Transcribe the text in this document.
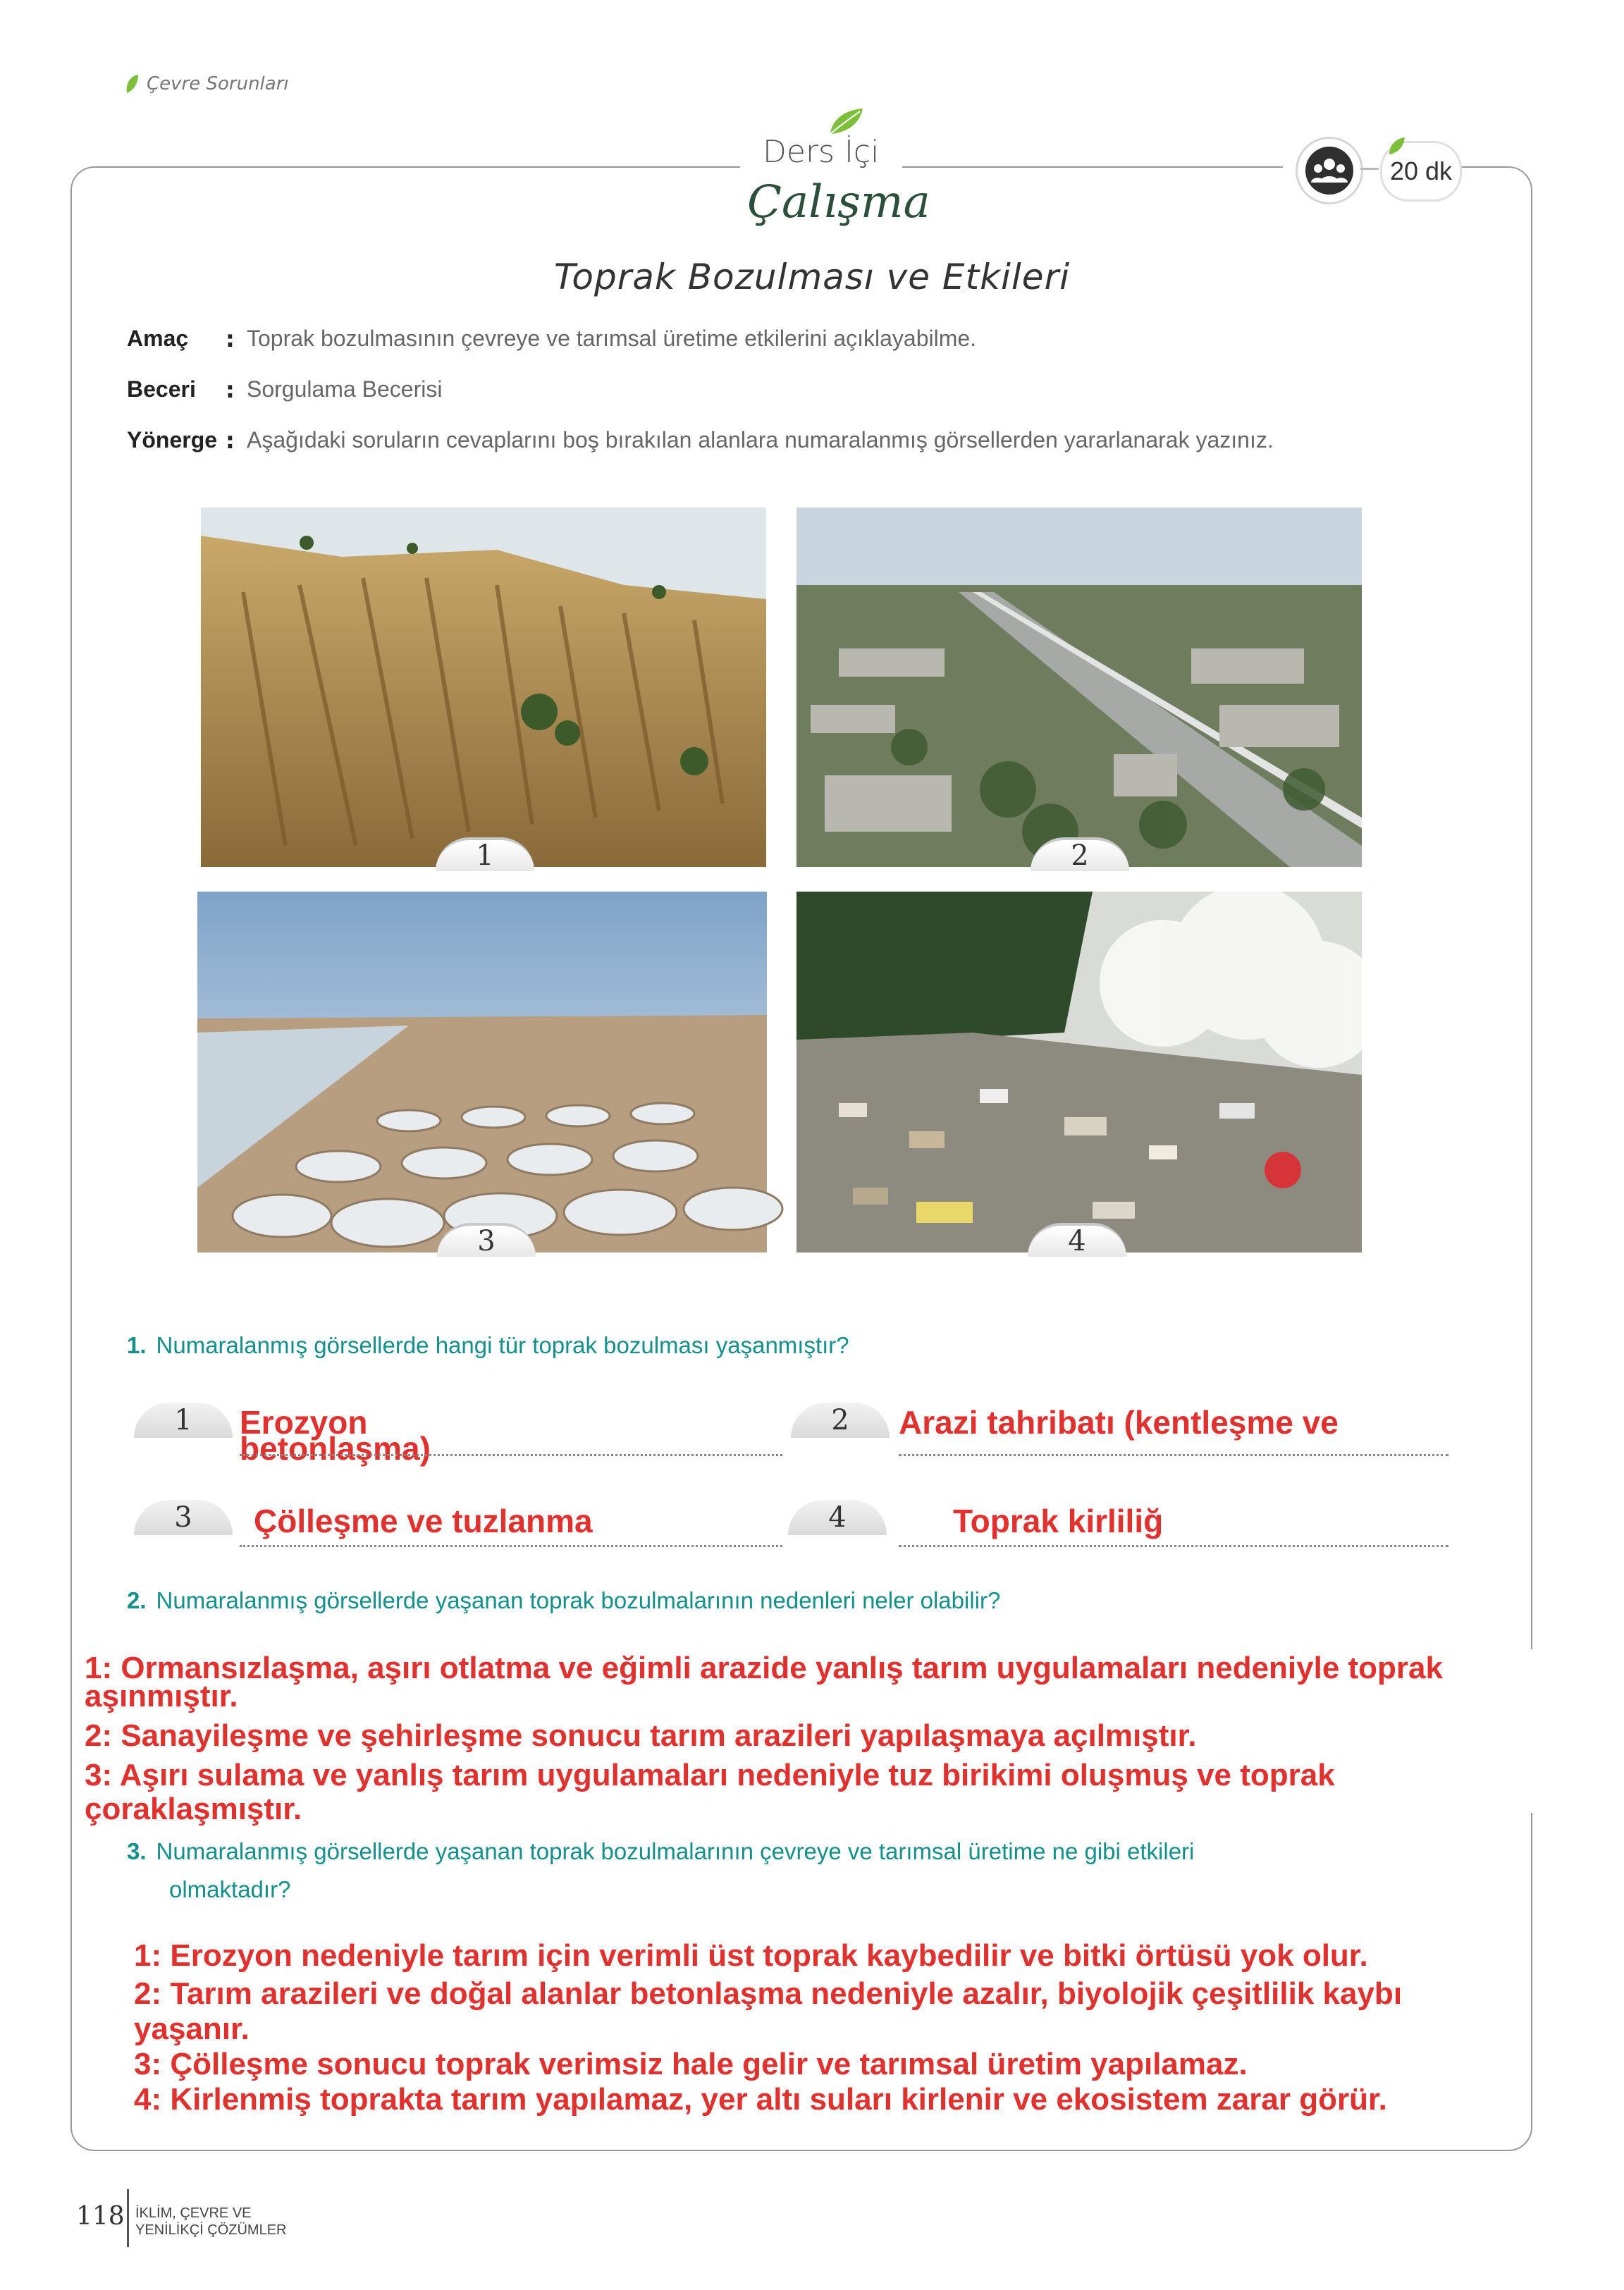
Çevre Sorunları
Ders İçi
Çalışma
20 dk
Toprak Bozulması ve Etkileri
Amaç	: Toprak bozulmasının çevreye ve tarımsal üretime etkilerini açıklayabilme.
Beceri	: Sorgulama Becerisi
Yönerge : Aşağıdaki soruların cevaplarını boş bırakılan alanlara numaralanmış görsellerden yararlanarak yazınız.
1	2
3	4
1. Numaralanmış görsellerde hangi tür toprak bozulması yaşanmıştır?
1	Erozyon
betonlaşma)
2	Arazi tahribatı (kentleşme ve
3	Çölleşme ve tuzlanma	4	Toprak kirliliğ
2. Numaralanmış görsellerde yaşanan toprak bozulmalarının nedenleri neler olabilir?
1: Ormansızlaşma, aşırı otlatma ve eğimli arazide yanlış tarım uygulamaları nedeniyle toprak
aşınmıştır.
2: Sanayileşme ve şehirleşme sonucu tarım arazileri yapılaşmaya açılmıştır.
3: Aşırı sulama ve yanlış tarım uygulamaları nedeniyle tuz birikimi oluşmuş ve toprak
çoraklaşmıştır.
3. Numaralanmış görsellerde yaşanan toprak bozulmalarının çevreye ve tarımsal üretime ne gibi etkileri
olmaktadır?
1: Erozyon nedeniyle tarım için verimli üst toprak kaybedilir ve bitki örtüsü yok olur.
2: Tarım arazileri ve doğal alanlar betonlaşma nedeniyle azalır, biyolojik çeşitlilik kaybı
yaşanır.
3: Çölleşme sonucu toprak verimsiz hale gelir ve tarımsal üretim yapılamaz.
4: Kirlenmiş toprakta tarım yapılamaz, yer altı suları kirlenir ve ekosistem zarar görür.
118 İKLİM, ÇEVRE VE
YENİLİKÇİ ÇÖZÜMLER
